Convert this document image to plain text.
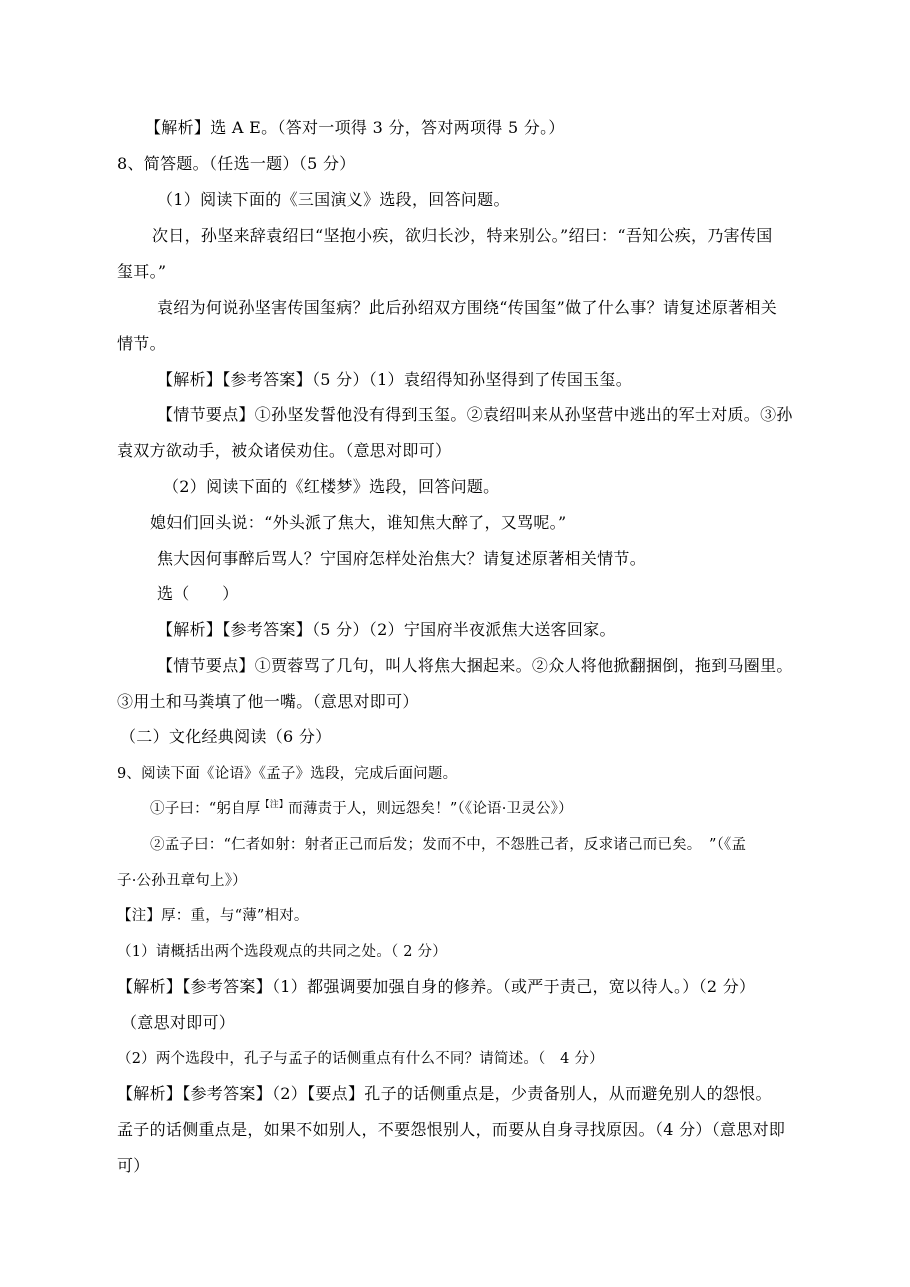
【解析】选 A E。（答对一项得 3 分，答对两项得 5 分。）
8、简答题。（任选一题）（5 分）
（1）阅读下面的《三国演义》选段，回答问题。
次日，孙坚来辞袁绍曰“坚抱小疾，欲归长沙，特来别公。”绍曰：“吾知公疾，乃害传国
玺耳。”
袁绍为何说孙坚害传国玺病？此后孙绍双方围绕“传国玺”做了什么事？请复述原著相关
情节。
【解析】【参考答案】（5 分）（1）袁绍得知孙坚得到了传国玉玺。
【情节要点】①孙坚发誓他没有得到玉玺。②袁绍叫来从孙坚营中逃出的军士对质。③孙
袁双方欲动手，被众诸侯劝住。（意思对即可）
（2）阅读下面的《红楼梦》选段，回答问题。
媳妇们回头说：“外头派了焦大，谁知焦大醉了，又骂呢。”
焦大因何事醉后骂人？宁国府怎样处治焦大？请复述原著相关情节。
选（　　）
【解析】【参考答案】（5 分）（2）宁国府半夜派焦大送客回家。
【情节要点】①贾蓉骂了几句，叫人将焦大捆起来。②众人将他掀翻捆倒，拖到马圈里。
③用土和马粪填了他一嘴。（意思对即可）
（二）文化经典阅读（6 分）
9、阅读下面《论语》《孟子》选段，完成后面问题。
①子曰：“躬自厚$^{【注】}$而薄责于人，则远怨矣！”（《论语·卫灵公》）
②孟子曰：“仁者如射：射者正己而后发；发而不中，不怨胜己者，反求诸己而已矣。　”（《孟
子·公孙丑章句上》）
【注】厚：重，与“薄”相对。
（1）请概括出两个选段观点的共同之处。（ 2 分）
【解析】【参考答案】（1）都强调要加强自身的修养。（或严于责己，宽以待人。）（2 分）
（意思对即可）
（2）两个选段中，孔子与孟子的话侧重点有什么不同？请简述。（　4 分）
【解析】【参考答案】（2）【要点】孔子的话侧重点是，少责备别人，从而避免别人的怨恨。
孟子的话侧重点是，如果不如别人，不要怨恨别人，而要从自身寻找原因。（4 分）（意思对即
可）
